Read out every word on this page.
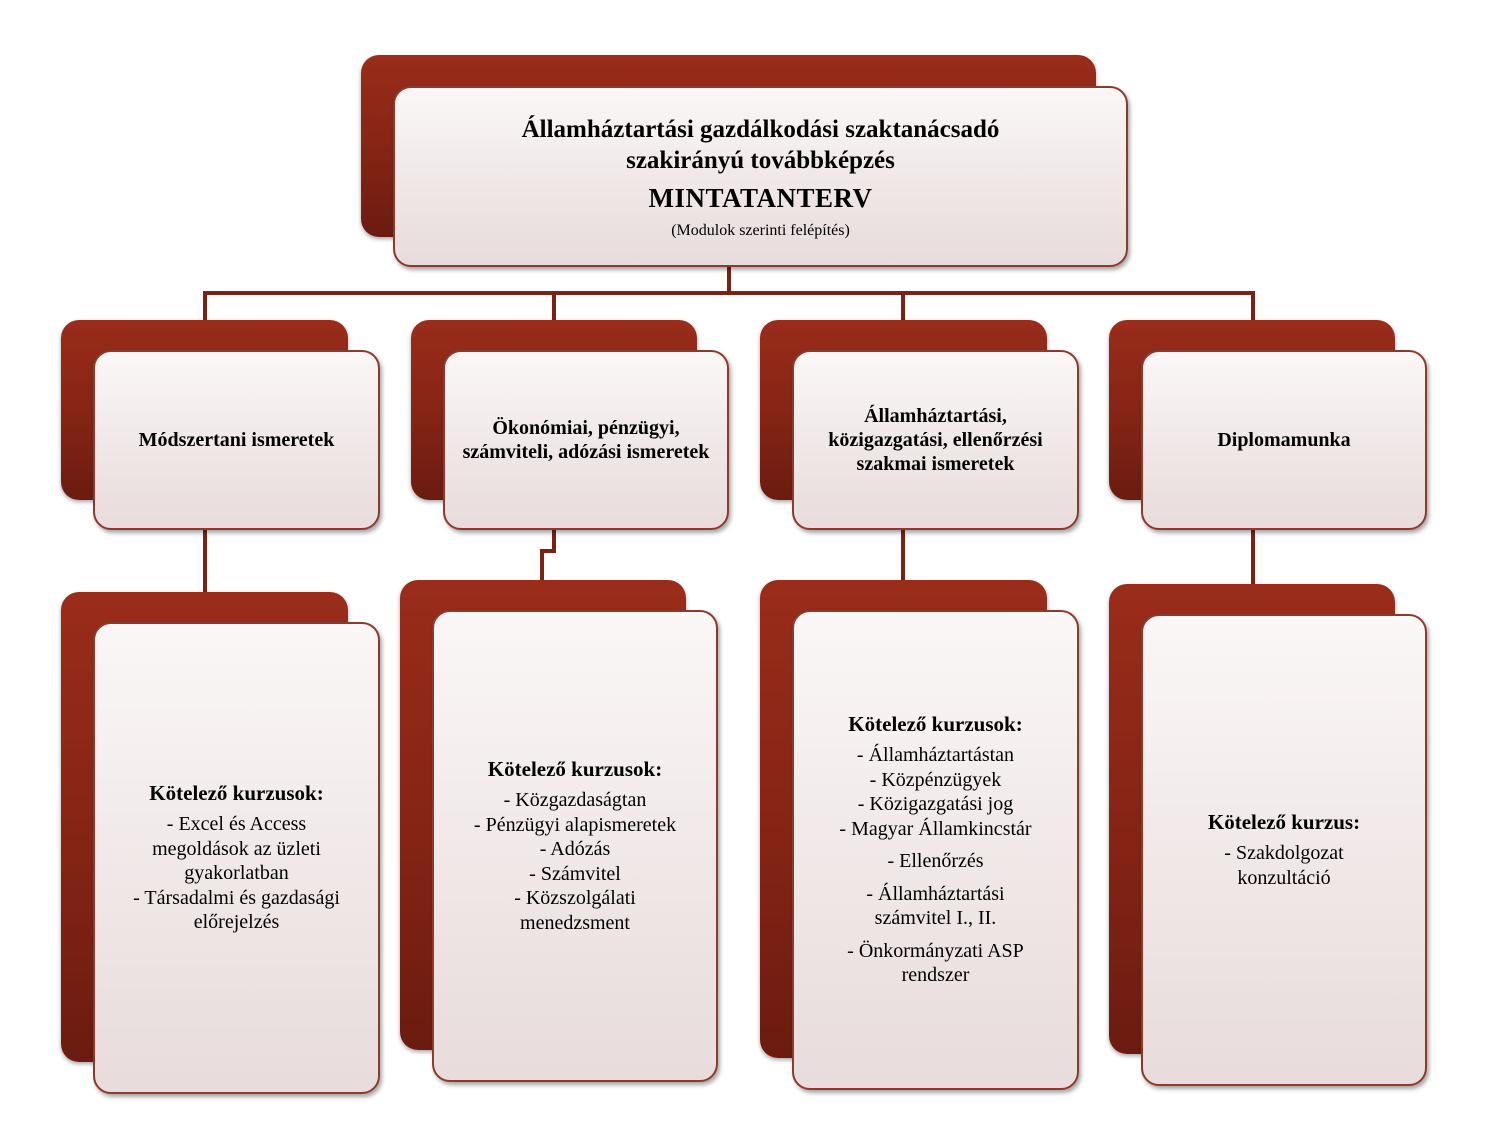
Államháztartási gazdálkodási szaktanácsadó
szakirányú továbbképzés
MINTATANTERV
(Modulok szerinti felépítés)
Módszertani ismeretek
Ökonómiai, pénzügyi, számviteli, adózási ismeretek
Államháztartási, közigazgatási, ellenőrzési szakmai ismeretek
Diplomamunka
Kötelező kurzusok:
- Excel és Access
megoldások az üzleti
gyakorlatban
- Társadalmi és gazdasági
előrejelzés
Kötelező kurzusok:
- Közgazdaságtan
- Pénzügyi alapismeretek
- Adózás
- Számvitel
- Közszolgálati
menedzsment
Kötelező kurzusok:
- Államháztartástan
- Közpénzügyek
- Közigazgatási jog
- Magyar Államkincstár
- Ellenőrzés
- Államháztartási
számvitel I., II.
- Önkormányzati ASP
rendszer
Kötelező kurzus:
- Szakdolgozat
konzultáció
